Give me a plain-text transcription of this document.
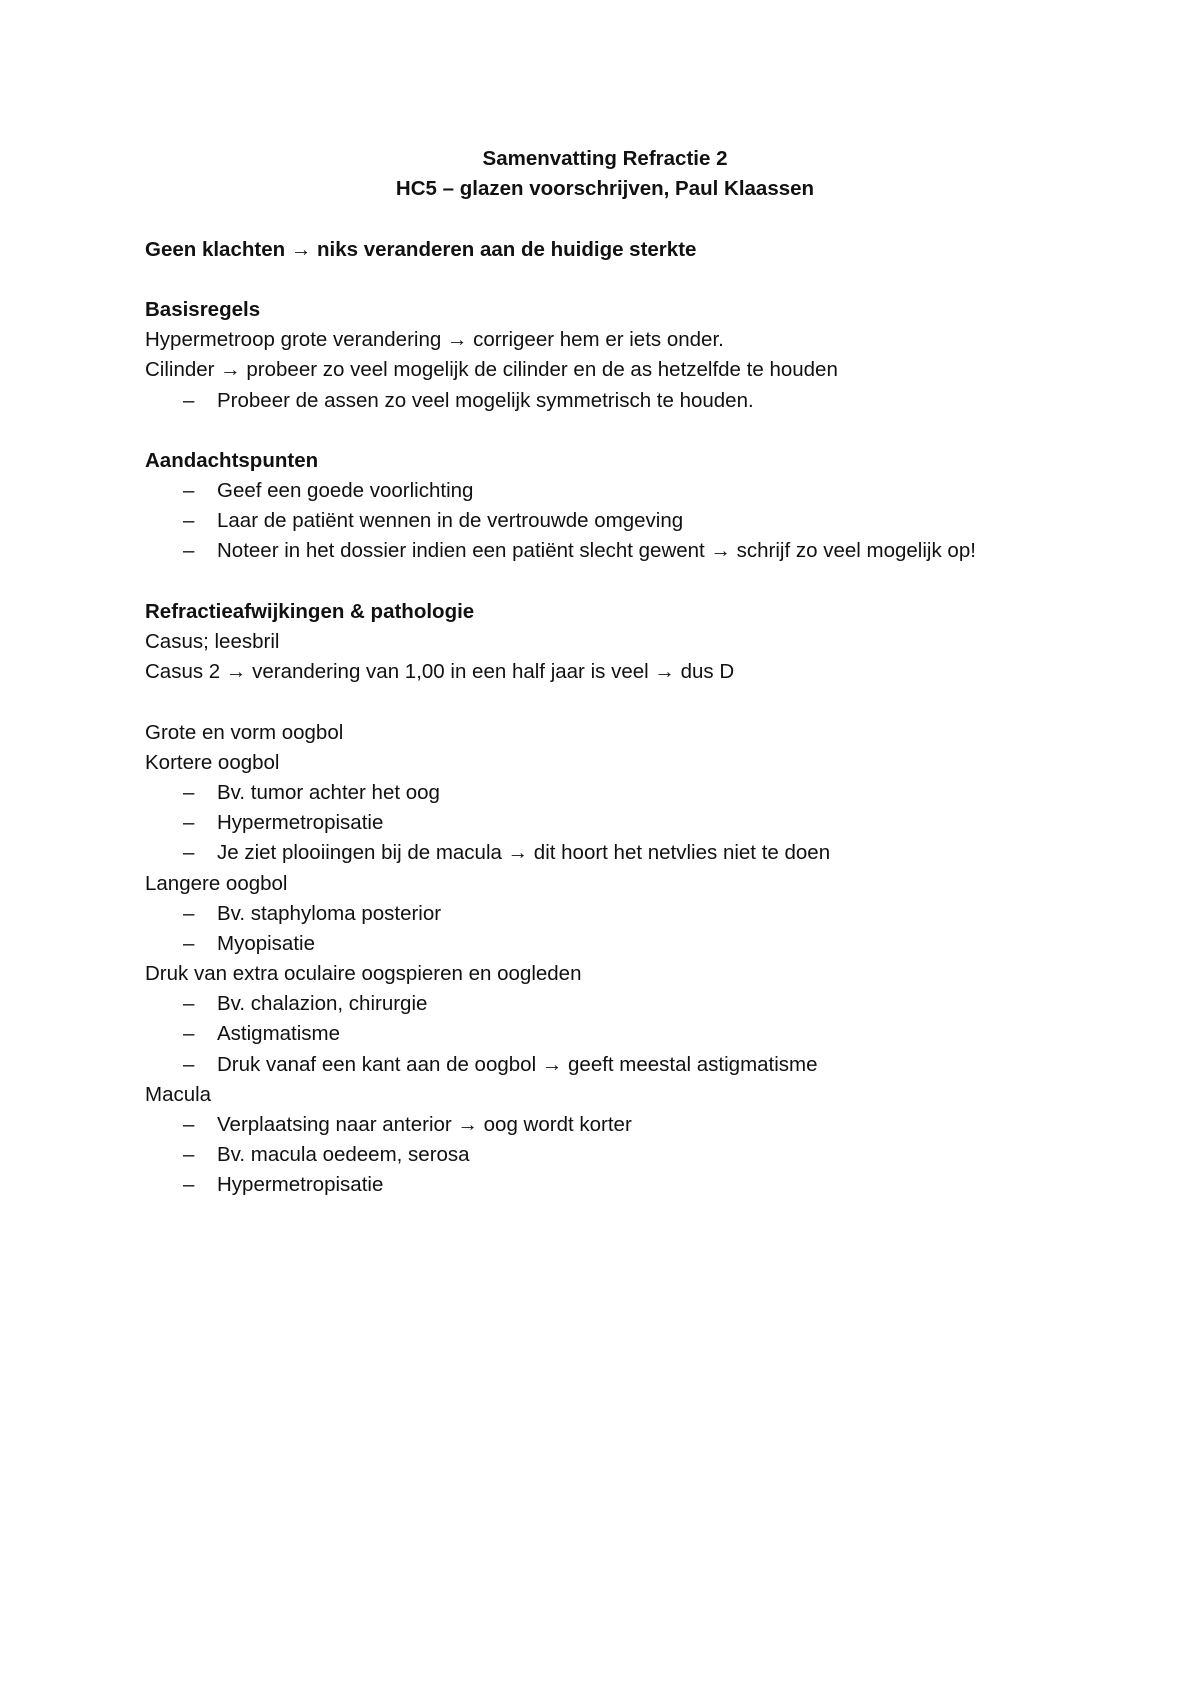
Samenvatting Refractie 2
HC5 – glazen voorschrijven, Paul Klaassen
Geen klachten → niks veranderen aan de huidige sterkte
Basisregels
Hypermetroop grote verandering → corrigeer hem er iets onder.
Cilinder → probeer zo veel mogelijk de cilinder en de as hetzelfde te houden
– Probeer de assen zo veel mogelijk symmetrisch te houden.
Aandachtspunten
– Geef een goede voorlichting
– Laar de patiënt wennen in de vertrouwde omgeving
– Noteer in het dossier indien een patiënt slecht gewent → schrijf zo veel mogelijk op!
Refractieafwijkingen & pathologie
Casus; leesbril
Casus 2 → verandering van 1,00 in een half jaar is veel → dus D
Grote en vorm oogbol
Kortere oogbol
– Bv. tumor achter het oog
– Hypermetropisatie
– Je ziet plooiingen bij de macula → dit hoort het netvlies niet te doen
Langere oogbol
– Bv. staphyloma posterior
– Myopisatie
Druk van extra oculaire oogspieren en oogleden
– Bv. chalazion, chirurgie
– Astigmatisme
– Druk vanaf een kant aan de oogbol → geeft meestal astigmatisme
Macula
– Verplaatsing naar anterior → oog wordt korter
– Bv. macula oedeem, serosa
– Hypermetropisatie
